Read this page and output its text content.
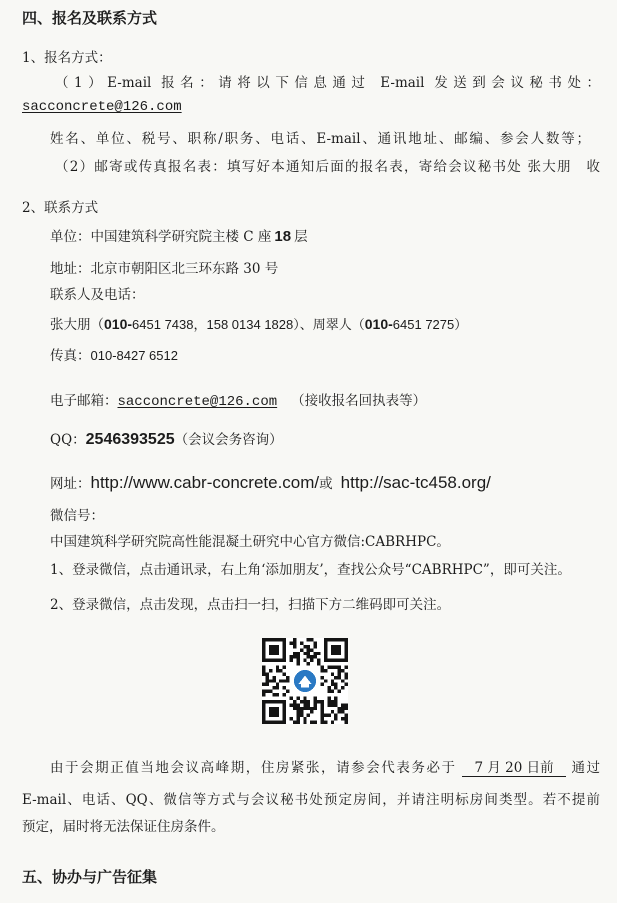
四、报名及联系方式
1、报名方式：
（1）E-mail 报名：请将以下信息通过 E-mail 发送到会议秘书处：
sacconcrete@126.com
姓名、单位、税号、职称/职务、电话、E-mail、通讯地址、邮编、参会人数等；
（2）邮寄或传真报名表：填写好本通知后面的报名表，寄给会议秘书处 张大朋　收
2、联系方式
单位：中国建筑科学研究院主楼 C 座 18 层
地址：北京市朝阳区北三环东路 30 号
联系人及电话：
张大朋（010-6451 7438，158 0134 1828）、周翠人（010-6451 7275）
传真：010-8427 6512
电子邮箱：sacconcrete@126.com （接收报名回执表等）
QQ：2546393525（会议会务咨询）
网址：http://www.cabr-concrete.com/或 http://sac-tc458.org/
微信号：
中国建筑科学研究院高性能混凝土研究中心官方微信:CABRHPC。
1、登录微信，点击通讯录，右上角‘添加朋友’，查找公众号“CABRHPC”，即可关注。
2、登录微信，点击发现，点击扫一扫，扫描下方二维码即可关注。
由于会期正值当地会议高峰期，住房紧张，请参会代表务必于 7 月 20 日前 通过
E-mail、电话、QQ、微信等方式与会议秘书处预定房间，并请注明标房间类型。若不提前
预定，届时将无法保证住房条件。
五、协办与广告征集
